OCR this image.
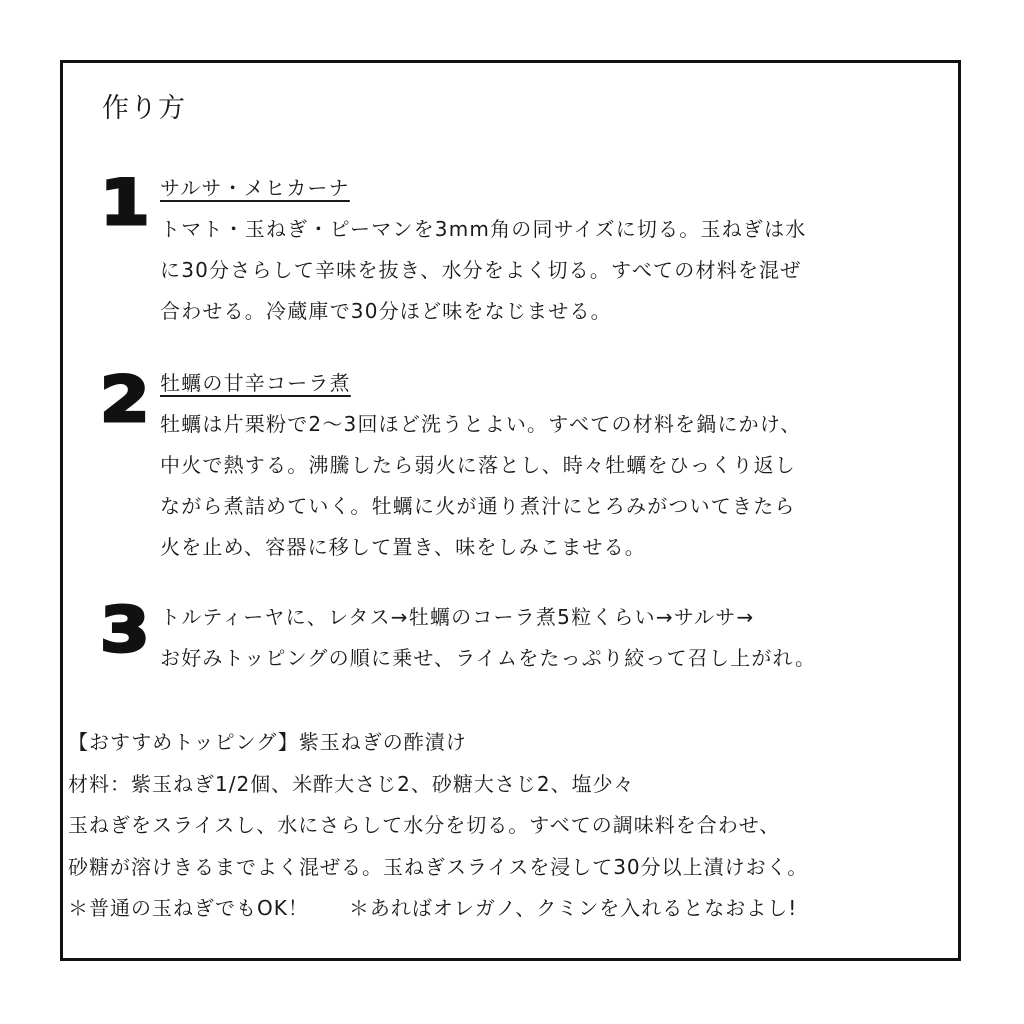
作り方
1 サルサ・メヒカーナ
トマト・玉ねぎ・ピーマンを3mm角の同サイズに切る。玉ねぎは水
に30分さらして辛味を抜き、水分をよく切る。すべての材料を混ぜ
合わせる。冷蔵庫で30分ほど味をなじませる。
2 牡蠣の甘辛コーラ煮
牡蠣は片栗粉で2〜3回ほど洗うとよい。すべての材料を鍋にかけ、
中火で熱する。沸騰したら弱火に落とし、時々牡蠣をひっくり返し
ながら煮詰めていく。牡蠣に火が通り煮汁にとろみがついてきたら
火を止め、容器に移して置き、味をしみこませる。
3 トルティーヤに、レタス→牡蠣のコーラ煮5粒くらい→サルサ→
お好みトッピングの順に乗せ、ライムをたっぷり絞って召し上がれ。
【おすすめトッピング】紫玉ねぎの酢漬け
材料：紫玉ねぎ1/2個、米酢大さじ2、砂糖大さじ2、塩少々
玉ねぎをスライスし、水にさらして水分を切る。すべての調味料を合わせ、
砂糖が溶けきるまでよく混ぜる。玉ねぎスライスを浸して30分以上漬けおく。
＊普通の玉ねぎでもOK！ ＊あればオレガノ、クミンを入れるとなおよし!
